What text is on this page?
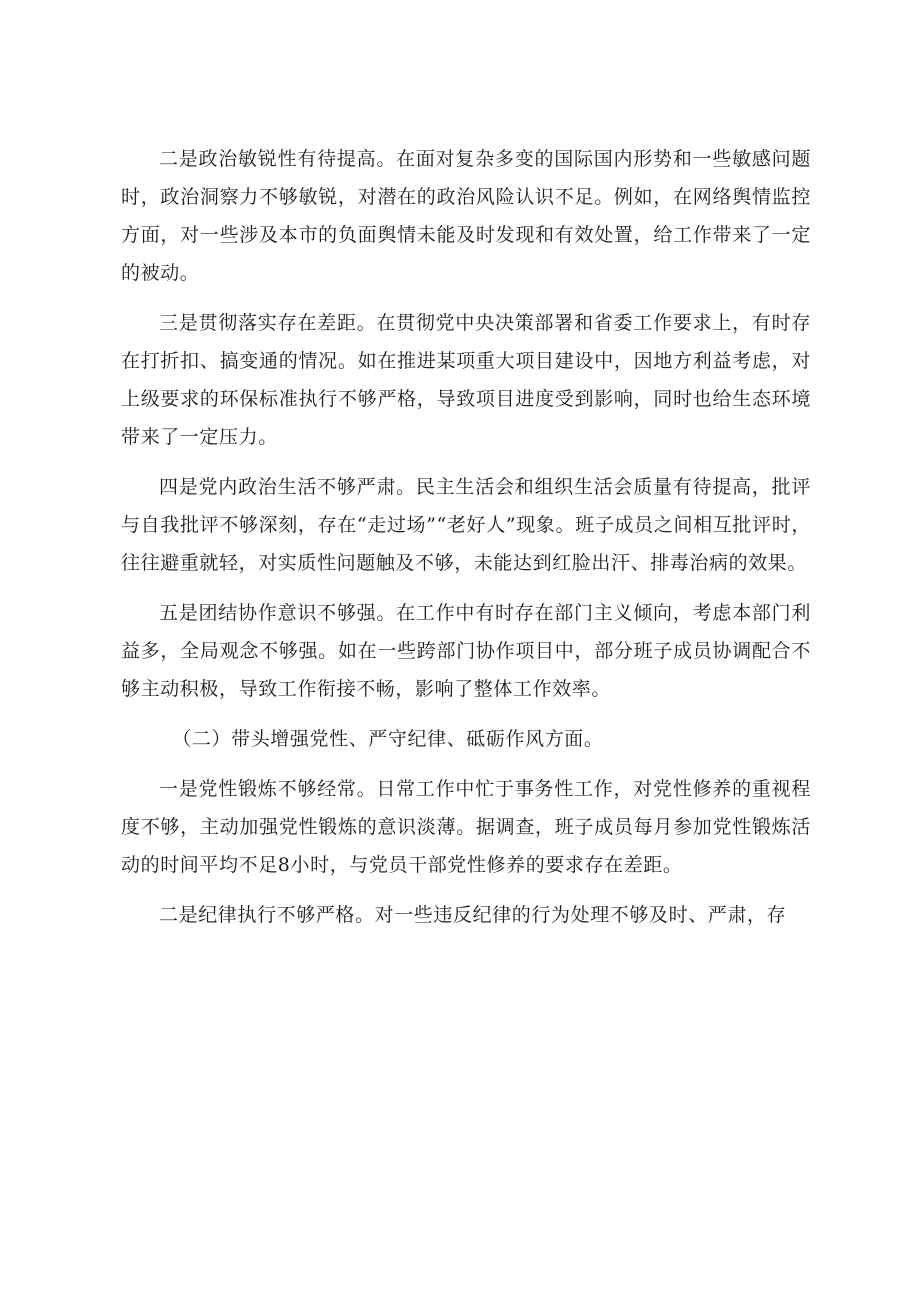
二是政治敏锐性有待提高。在面对复杂多变的国际国内形势和一些敏感问题时，政治洞察力不够敏锐，对潜在的政治风险认识不足。例如，在网络舆情监控方面，对一些涉及本市的负面舆情未能及时发现和有效处置，给工作带来了一定的被动。

三是贯彻落实存在差距。在贯彻党中央决策部署和省委工作要求上，有时存在打折扣、搞变通的情况。如在推进某项重大项目建设中，因地方利益考虑，对上级要求的环保标准执行不够严格，导致项目进度受到影响，同时也给生态环境带来了一定压力。

四是党内政治生活不够严肃。民主生活会和组织生活会质量有待提高，批评与自我批评不够深刻，存在“走过场”“老好人”现象。班子成员之间相互批评时，往往避重就轻，对实质性问题触及不够，未能达到红脸出汗、排毒治病的效果。

五是团结协作意识不够强。在工作中有时存在部门主义倾向，考虑本部门利益多，全局观念不够强。如在一些跨部门协作项目中，部分班子成员协调配合不够主动积极，导致工作衔接不畅，影响了整体工作效率。

（二）带头增强党性、严守纪律、砥砺作风方面。

一是党性锻炼不够经常。日常工作中忙于事务性工作，对党性修养的重视程度不够，主动加强党性锻炼的意识淡薄。据调查，班子成员每月参加党性锻炼活动的时间平均不足8小时，与党员干部党性修养的要求存在差距。

二是纪律执行不够严格。对一些违反纪律的行为处理不够及时、严肃，存
